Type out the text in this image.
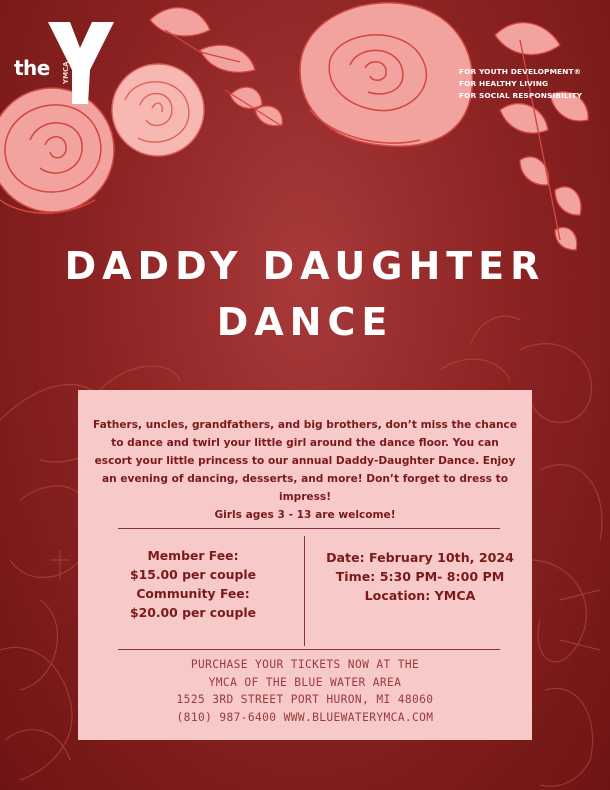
the YMCA	FOR YOUTH DEVELOPMENT®
FOR HEALTHY LIVING
FOR SOCIAL RESPONSIBILITY
DADDY DAUGHTER
DANCE
Fathers, uncles, grandfathers, and big brothers, don’t miss the chance to dance and twirl your little girl around the dance floor. You can escort your little princess to our annual Daddy-Daughter Dance. Enjoy an evening of dancing, desserts, and more! Don’t forget to dress to impress!
Girls ages 3 - 13 are welcome!
Member Fee:
$15.00 per couple
Community Fee:
$20.00 per couple
Date: February 10th, 2024
Time: 5:30 PM- 8:00 PM
Location: YMCA
PURCHASE YOUR TICKETS NOW AT THE
YMCA OF THE BLUE WATER AREA
1525 3RD STREET PORT HURON, MI 48060
(810) 987-6400 WWW.BLUEWATERYMCA.COM
